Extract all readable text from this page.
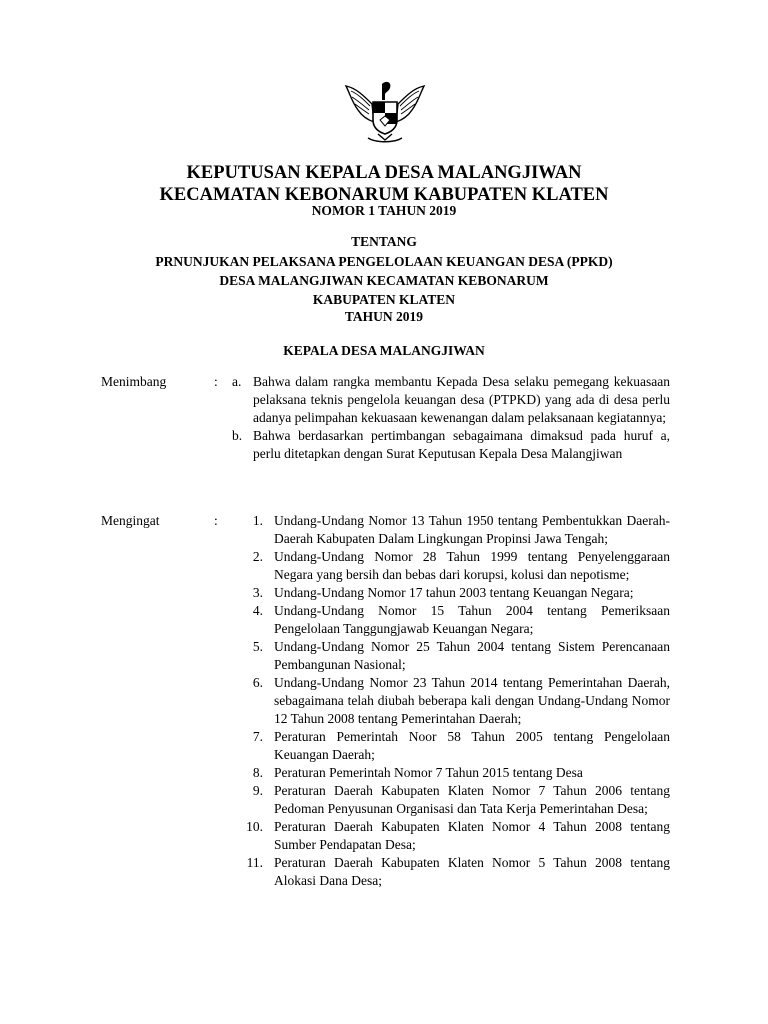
KEPUTUSAN KEPALA DESA MALANGJIWAN
KECAMATAN KEBONARUM KABUPATEN KLATEN
NOMOR 1 TAHUN 2019
TENTANG
PRNUNJUKAN PELAKSANA PENGELOLAAN KEUANGAN DESA (PPKD)
DESA MALANGJIWAN KECAMATAN KEBONARUM
KABUPATEN KLATEN
TAHUN 2019
KEPALA DESA MALANGJIWAN
Menimbang	: a. Bahwa dalam rangka membantu Kepada Desa selaku pemegang kekuasaan pelaksana teknis pengelola keuangan desa (PTPKD) yang ada di desa perlu adanya pelimpahan kekuasaan kewenangan dalam pelaksanaan kegiatannya;
b. Bahwa berdasarkan pertimbangan sebagaimana dimaksud pada huruf a, perlu ditetapkan dengan Surat Keputusan Kepala Desa Malangjiwan
Mengingat	:	1. Undang-Undang Nomor 13 Tahun 1950 tentang Pembentukkan Daerah-Daerah Kabupaten Dalam Lingkungan Propinsi Jawa Tengah;
2. Undang-Undang Nomor 28 Tahun 1999 tentang Penyelenggaraan Negara yang bersih dan bebas dari korupsi, kolusi dan nepotisme;
3. Undang-Undang Nomor 17 tahun 2003 tentang Keuangan Negara;
4. Undang-Undang Nomor 15 Tahun 2004 tentang Pemeriksaan Pengelolaan Tanggungjawab Keuangan Negara;
5. Undang-Undang Nomor 25 Tahun 2004 tentang Sistem Perencanaan Pembangunan Nasional;
6. Undang-Undang Nomor 23 Tahun 2014 tentang Pemerintahan Daerah, sebagaimana telah diubah beberapa kali dengan Undang-Undang Nomor 12 Tahun 2008 tentang Pemerintahan Daerah;
7. Peraturan Pemerintah Noor 58 Tahun 2005 tentang Pengelolaan Keuangan Daerah;
8. Peraturan Pemerintah Nomor 7 Tahun 2015 tentang Desa
9. Peraturan Daerah Kabupaten Klaten Nomor 7 Tahun 2006 tentang Pedoman Penyusunan Organisasi dan Tata Kerja Pemerintahan Desa;
10. Peraturan Daerah Kabupaten Klaten Nomor 4 Tahun 2008 tentang Sumber Pendapatan Desa;
11. Peraturan Daerah Kabupaten Klaten Nomor 5 Tahun 2008 tentang Alokasi Dana Desa;
